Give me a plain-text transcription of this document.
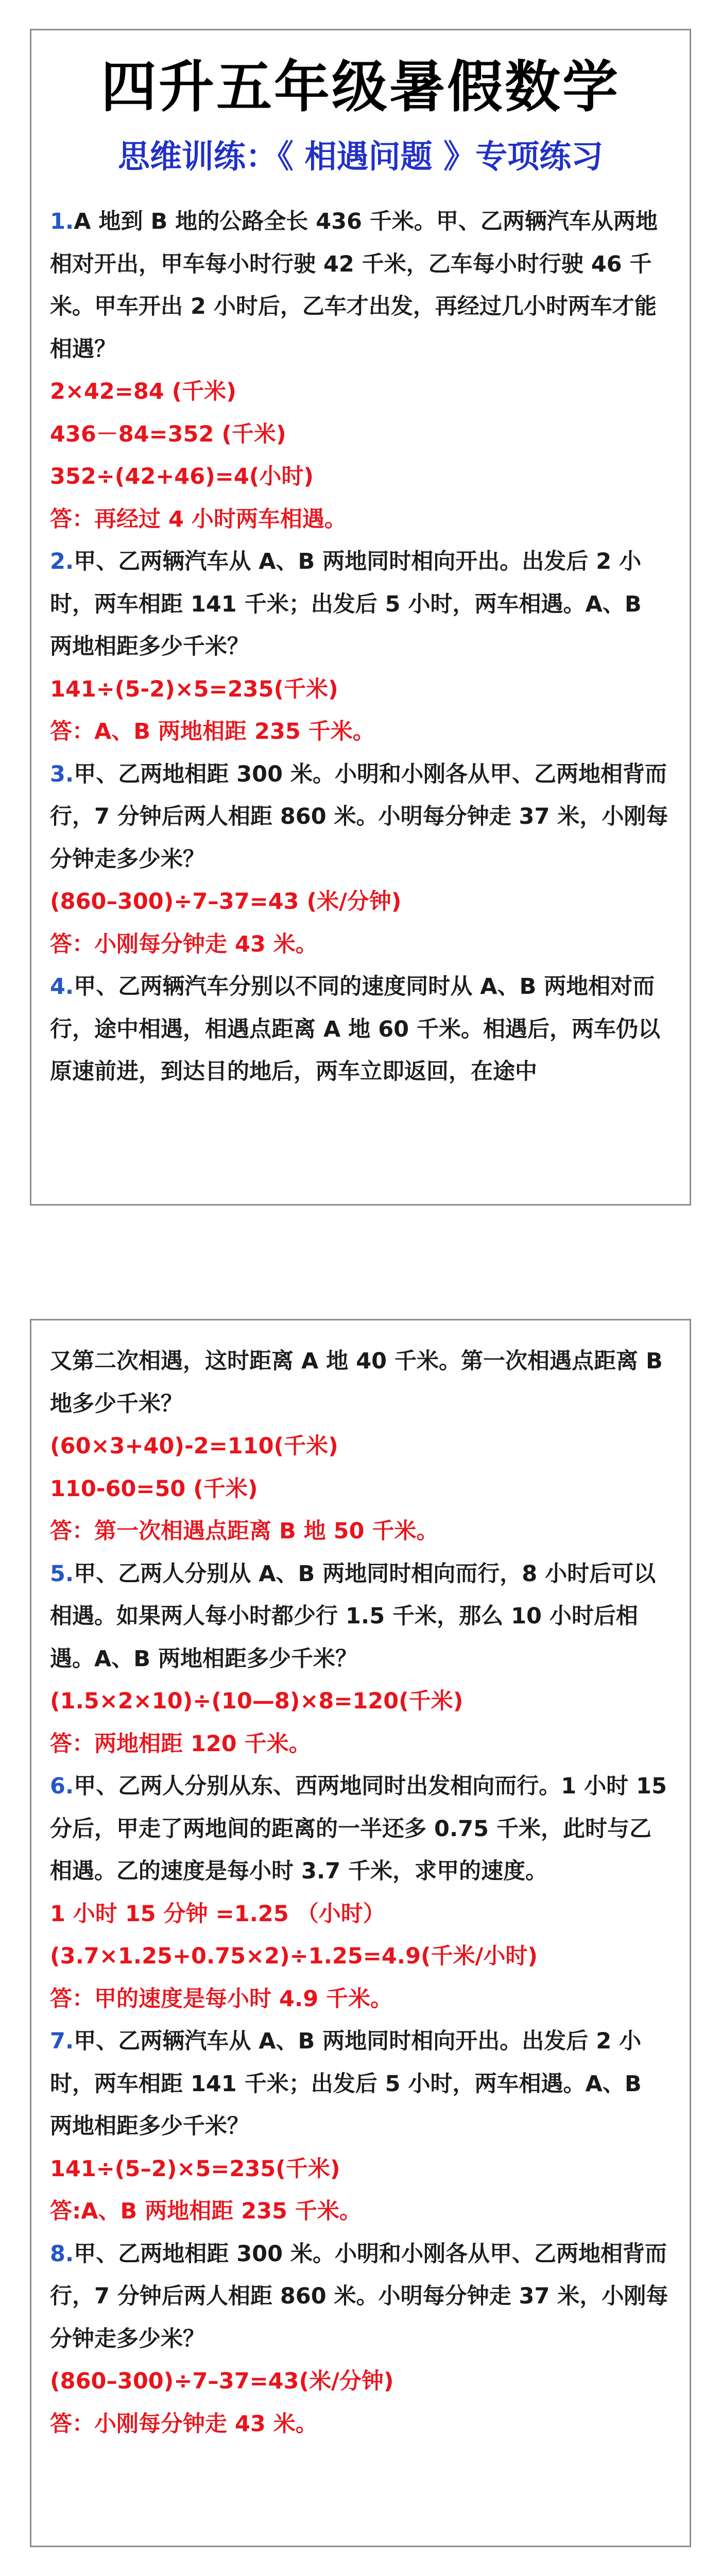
四升五年级暑假数学
思维训练：《 相遇问题 》专项练习

1.A 地到 B 地的公路全长 436 千米。甲、乙两辆汽车从两地相对开出，甲车每小时行驶 42 千米，乙车每小时行驶 46 千米。甲车开出 2 小时后，乙车才出发，再经过几小时两车才能相遇？

2×42=84 (千米)

436－84=352 (千米)

352÷(42+46)=4(小时)

答：再经过 4 小时两车相遇。

2.甲、乙两辆汽车从 A、B 两地同时相向开出。出发后 2 小时，两车相距 141 千米；出发后 5 小时，两车相遇。A、B 两地相距多少千米？

141÷(5-2)×5=235(千米)

答：A、B 两地相距 235 千米。

3.甲、乙两地相距 300 米。小明和小刚各从甲、乙两地相背而行，7 分钟后两人相距 860 米。小明每分钟走 37 米，小刚每分钟走多少米？

(860–300)÷7–37=43 (米/分钟)

答：小刚每分钟走 43 米。

4.甲、乙两辆汽车分别以不同的速度同时从 A、B 两地相对而行，途中相遇，相遇点距离 A 地 60 千米。相遇后，两车仍以原速前进，到达目的地后，两车立即返回，在途中

又第二次相遇，这时距离 A 地 40 千米。第一次相遇点距离 B 地多少千米？

(60×3+40)-2=110(千米)

110-60=50 (千米)

答：第一次相遇点距离 B 地 50 千米。

5.甲、乙两人分别从 A、B 两地同时相向而行，8 小时后可以相遇。如果两人每小时都少行 1.5 千米，那么 10 小时后相遇。A、B 两地相距多少千米？

(1.5×2×10)÷(10—8)×8=120(千米)

答：两地相距 120 千米。

6.甲、乙两人分别从东、西两地同时出发相向而行。1 小时 15 分后，甲走了两地间的距离的一半还多 0.75 千米，此时与乙相遇。乙的速度是每小时 3.7 千米，求甲的速度。

1 小时 15 分钟 =1.25 （小时）

(3.7×1.25+0.75×2)÷1.25=4.9(千米/小时)

答：甲的速度是每小时 4.9 千米。

7.甲、乙两辆汽车从 A、B 两地同时相向开出。出发后 2 小时，两车相距 141 千米；出发后 5 小时，两车相遇。A、B 两地相距多少千米？

141÷(5–2)×5=235(千米)

答:A、B 两地相距 235 千米。

8.甲、乙两地相距 300 米。小明和小刚各从甲、乙两地相背而行，7 分钟后两人相距 860 米。小明每分钟走 37 米，小刚每分钟走多少米？

(860–300)÷7–37=43(米/分钟)

答：小刚每分钟走 43 米。
